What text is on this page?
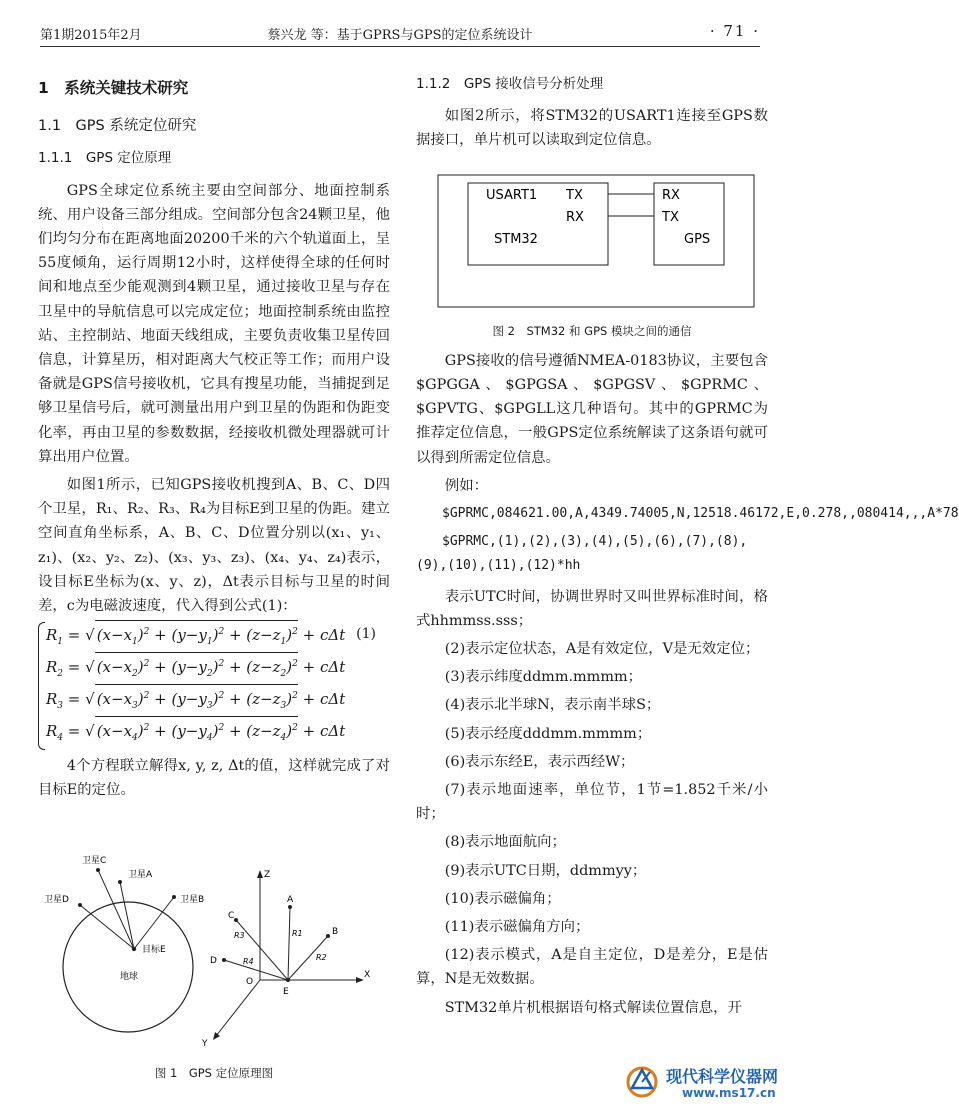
第1期2015年2月	蔡兴龙 等：基于GPRS与GPS的定位系统设计	· 71 ·
1　系统关键技术研究
1.1　GPS 系统定位研究
1.1.1　GPS 定位原理

GPS全球定位系统主要由空间部分、地面控制系统、用户设备三部分组成。空间部分包含24颗卫星，他们均匀分布在距离地面20200千米的六个轨道面上，呈55度倾角，运行周期12小时，这样使得全球的任何时间和地点至少能观测到4颗卫星，通过接收卫星与存在卫星中的导航信息可以完成定位；地面控制系统由监控站、主控制站、地面天线组成，主要负责收集卫星传回信息，计算星历，相对距离大气校正等工作；而用户设备就是GPS信号接收机，它具有搜星功能，当捕捉到足够卫星信号后，就可测量出用户到卫星的伪距和伪距变化率，再由卫星的参数数据，经接收机微处理器就可计算出用户位置。

如图1所示，已知GPS接收机搜到A、B、C、D四个卫星，R₁、R₂、R₃、R₄为目标E到卫星的伪距。建立空间直角坐标系，A、B、C、D位置分别以(x₁、y₁、z₁)、(x₂、y₂、z₂)、(x₃、y₃、z₃)、(x₄、y₄、z₄)表示，设目标E坐标为(x、y、z)，Δt表示目标与卫星的时间差，c为电磁波速度，代入得到公式(1)：

$R_1$ = √ $(x-x_1)^2 + (y-y_1)^2 + (z-z_1)^2 + c\Delta t$
$R_2$ = √ $(x-x_2)^2 + (y-y_2)^2 + (z-z_2)^2 + c\Delta t$
$R_3$ = √ $(x-x_3)^2 + (y-y_3)^2 + (z-z_3)^2 + c\Delta t$
$R_4$ = √ $(x-x_4)^2 + (y-y_4)^2 + (z-z_4)^2 + c\Delta t$
(1)

4个方程联立解得x, y, z, Δt的值，这样就完成了对目标E的定位。

卫星C
卫星A
卫星D	卫星B
目标E
地球
Z
X
Y
O
E
A
B
C
D
R1
R2
R3
R4
图 1　GPS 定位原理图
1.1.2　GPS 接收信号分析处理

如图2所示，将STM32的USART1连接至GPS数据接口，单片机可以读取到定位信息。

USART1 TX
RX
STM32
RX
TX
GPS
图 2　STM32 和 GPS 模块之间的通信

GPS接收的信号遵循NMEA-0183协议，主要包含$GPGGA、$GPGSA、$GPGSV、$GPRMC、$GPVTG、$GPGLL这几种语句。其中的GPRMC为推荐定位信息，一般GPS定位系统解读了这条语句就可以得到所需定位信息。

例如：

$GPRMC,084621.00,A,4349.74005,N,12518.46172,E,0.278,,080414,,,A*78

$GPRMC,(1),(2),(3),(4),(5),(6),(7),(8),(9),(10),(11),(12)*hh

表示UTC时间，协调世界时又叫世界标准时间，格式hhmmss.sss；

(2)表示定位状态，A是有效定位，V是无效定位；

(3)表示纬度ddmm.mmmm；

(4)表示北半球N，表示南半球S；

(5)表示经度dddmm.mmmm；

(6)表示东经E，表示西经W；

(7)表示地面速率，单位节，1节=1.852千米/小时；

(8)表示地面航向；

(9)表示UTC日期，ddmmyy；

(10)表示磁偏角；

(11)表示磁偏角方向；

(12)表示模式，A是自主定位，D是差分，E是估算，N是无效数据。

STM32单片机根据语句格式解读位置信息，开

现代科学仪器网
www.ms17.cn
